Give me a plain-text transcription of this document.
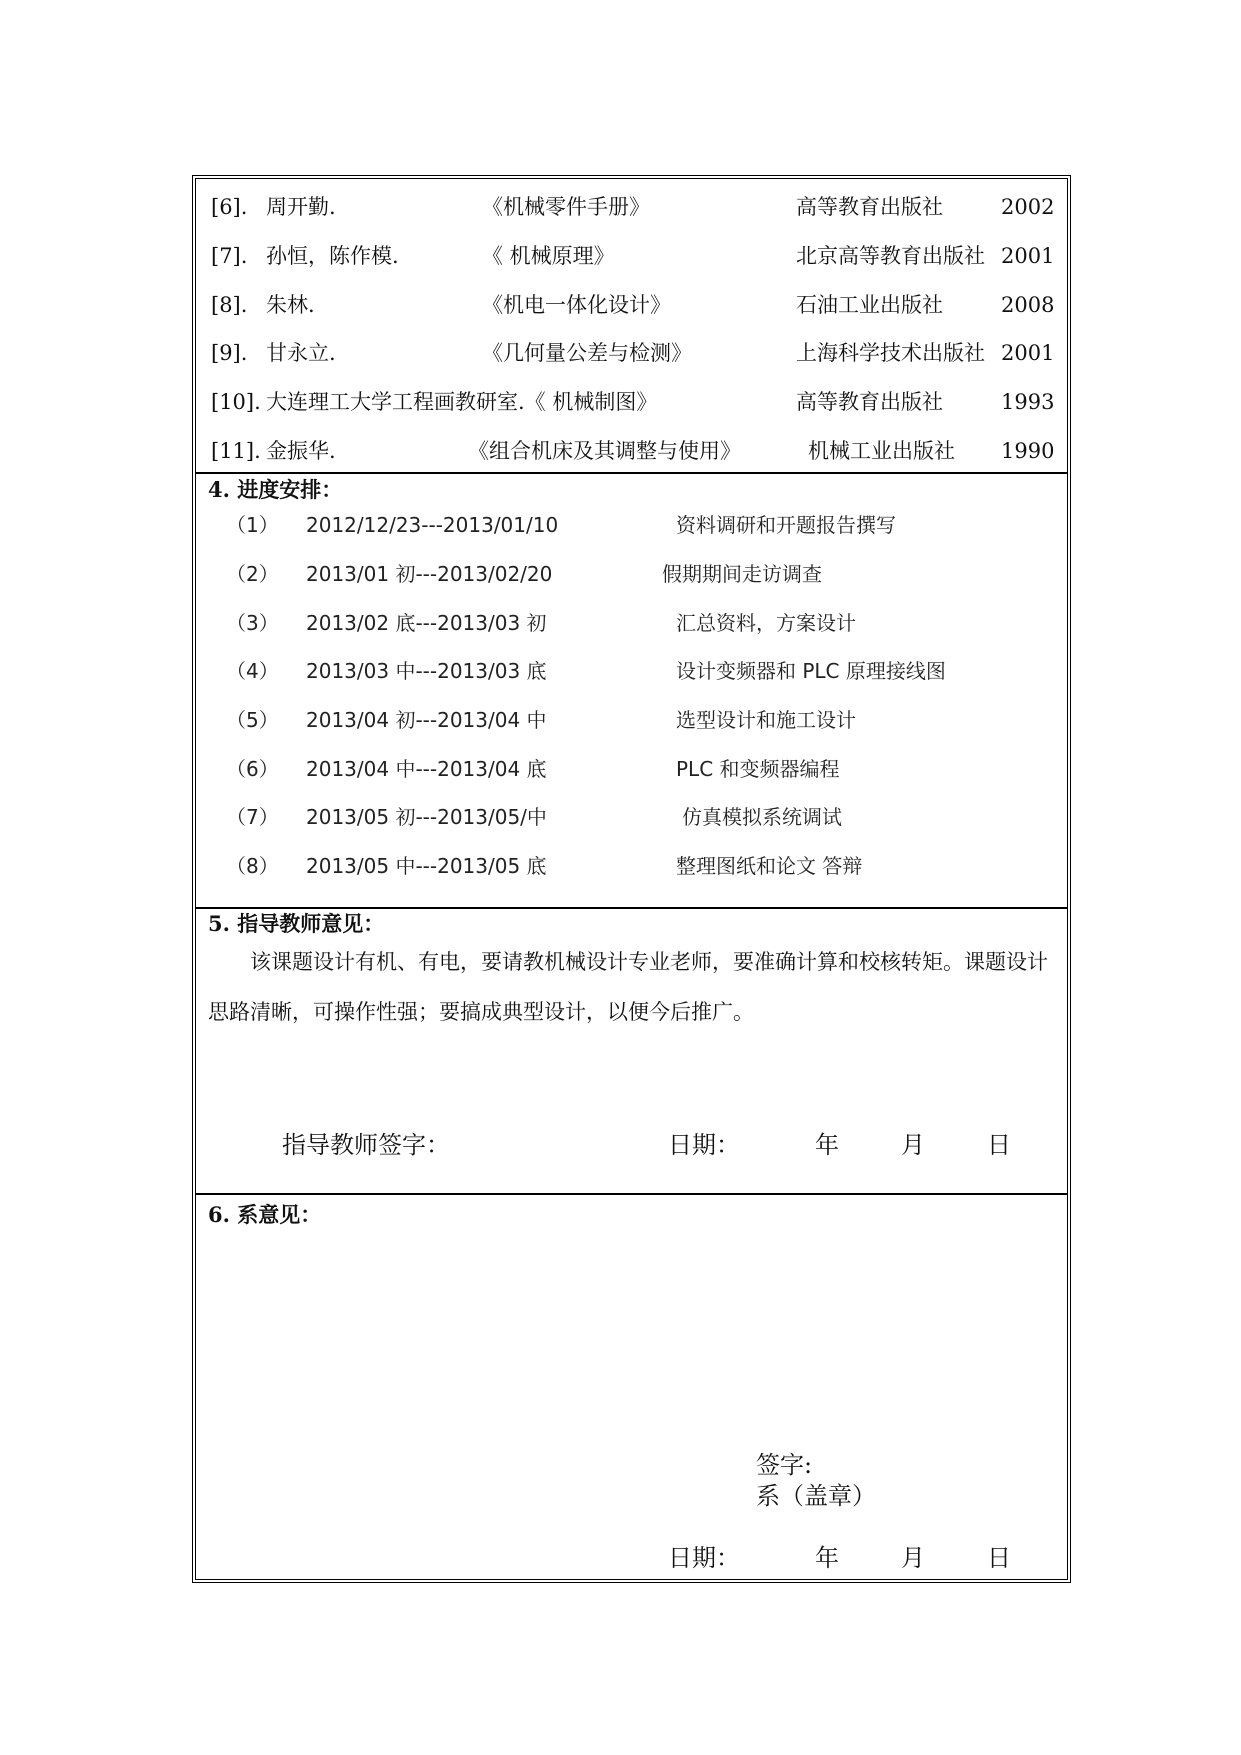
[6]. 周开勤.	《机械零件手册》	高等教育出版社	2002
[7]. 孙恒，陈作模.	《 机械原理》	北京高等教育出版社 2001
[8]. 朱林.	《机电一体化设计》	石油工业出版社	2008
[9]. 甘永立.	《几何量公差与检测》	上海科学技术出版社 2001
[10]. 大连理工大学工程画教研室.《 机械制图》	高等教育出版社	1993
[11]. 金振华.	《组合机床及其调整与使用》	机械工业出版社 1990
4. 进度安排：
（1） 2012/12/23---2013/01/10	资料调研和开题报告撰写
（2） 2013/01 初---2013/02/20	假期期间走访调查
（3） 2013/02 底---2013/03 初	汇总资料，方案设计
（4） 2013/03 中---2013/03 底	设计变频器和 PLC 原理接线图
（5） 2013/04 初---2013/04 中	选型设计和施工设计
（6） 2013/04 中---2013/04 底	PLC 和变频器编程
（7） 2013/05 初---2013/05/中	仿真模拟系统调试
（8） 2013/05 中---2013/05 底	整理图纸和论文 答辩
5. 指导教师意见：
该课题设计有机、有电，要请教机械设计专业老师，要准确计算和校核转矩。课题设计思路清晰，可操作性强；要搞成典型设计，以便今后推广。
指导教师签字：	日期：	年	月	日
6. 系意见：
签字:
系（盖章）
日期：	年	月	日
